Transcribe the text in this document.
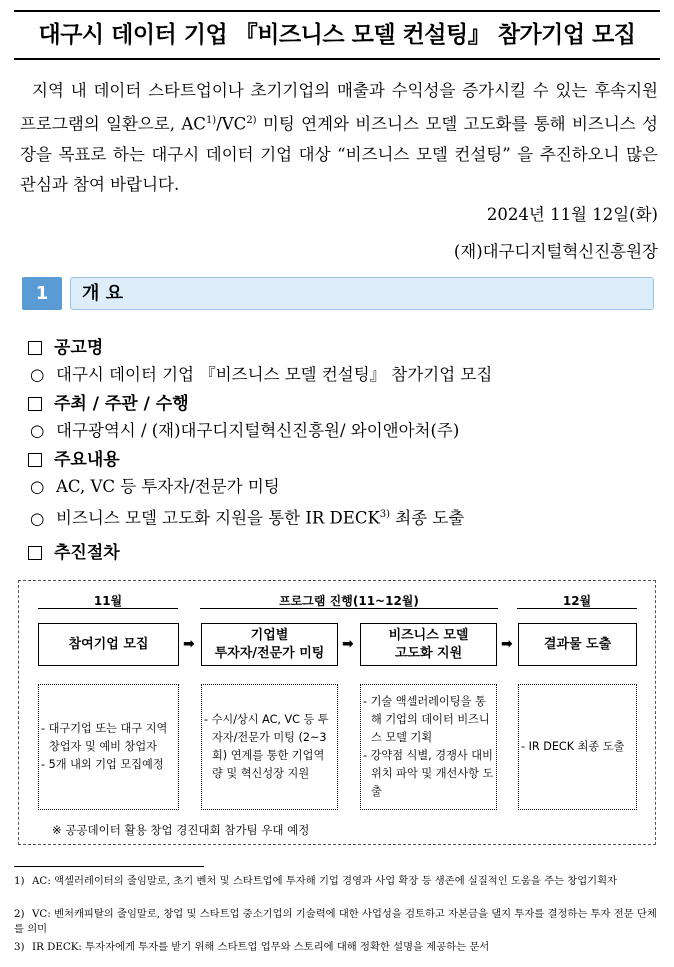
대구시 데이터 기업 『비즈니스 모델 컨설팅』 참가기업 모집
지역 내 데이터 스타트업이나 초기기업의 매출과 수익성을 증가시킬 수 있는 후속지원 프로그램의 일환으로, AC$^{1)}$/VC$^{2)}$ 미팅 연계와 비즈니스 모델 고도화를 통해 비즈니스 성장을 목표로 하는 대구시 데이터 기업 대상 “비즈니스 모델 컨설팅” 을 추진하오니 많은 관심과 참여 바랍니다.
2024년 11월 12일(화)
(재)대구디지털혁신진흥원장
1	개 요
공고명
○ 대구시 데이터 기업 『비즈니스 모델 컨설팅』 참가기업 모집
주최 / 주관 / 수행
○ 대구광역시 / (재)대구디지털혁신진흥원/ 와이앤아처(주)
주요내용
○ AC, VC 등 투자자/전문가 미팅
○ 비즈니스 모델 고도화 지원을 통한 IR DECK$^{3)}$ 최종 도출
추진절차
11월	프로그램 진행(11~12월)	12월
참여기업 모집 ➡
기업별
투자자/전문가 미팅
➡
비즈니스 모델
고도화 지원
➡ 결과물 도출
- 대구기업 또는 대구 지역 창업자 및 예비 창업자
- 5개 내외 기업 모집예정
- 수시/상시 AC, VC 등 투자자/전문가 미팅 (2~3회) 연계를 통한 기업역량 및 혁신성장 지원
- 기술 액셀러레이팅을 통해 기업의 데이터 비즈니스 모델 기획
- 강약점 식별, 경쟁사 대비 위치 파악 및 개선사항 도출
- IR DECK 최종 도출
※ 공공데이터 활용 창업 경진대회 참가팀 우대 예정
1) AC: 액셀러레이터의 줄임말로, 초기 벤처 및 스타트업에 투자해 기업 경영과 사업 확장 등 생존에 실질적인 도움을 주는 창업기획자
2) VC: 벤처캐피탈의 줄임말로, 창업 및 스타트업 중소기업의 기술력에 대한 사업성을 검토하고 자본금을 댈지 투자를 결정하는 투자 전문 단체를 의미
3) IR DECK: 투자자에게 투자를 받기 위해 스타트업 업무와 스토리에 대해 정확한 설명을 제공하는 문서
